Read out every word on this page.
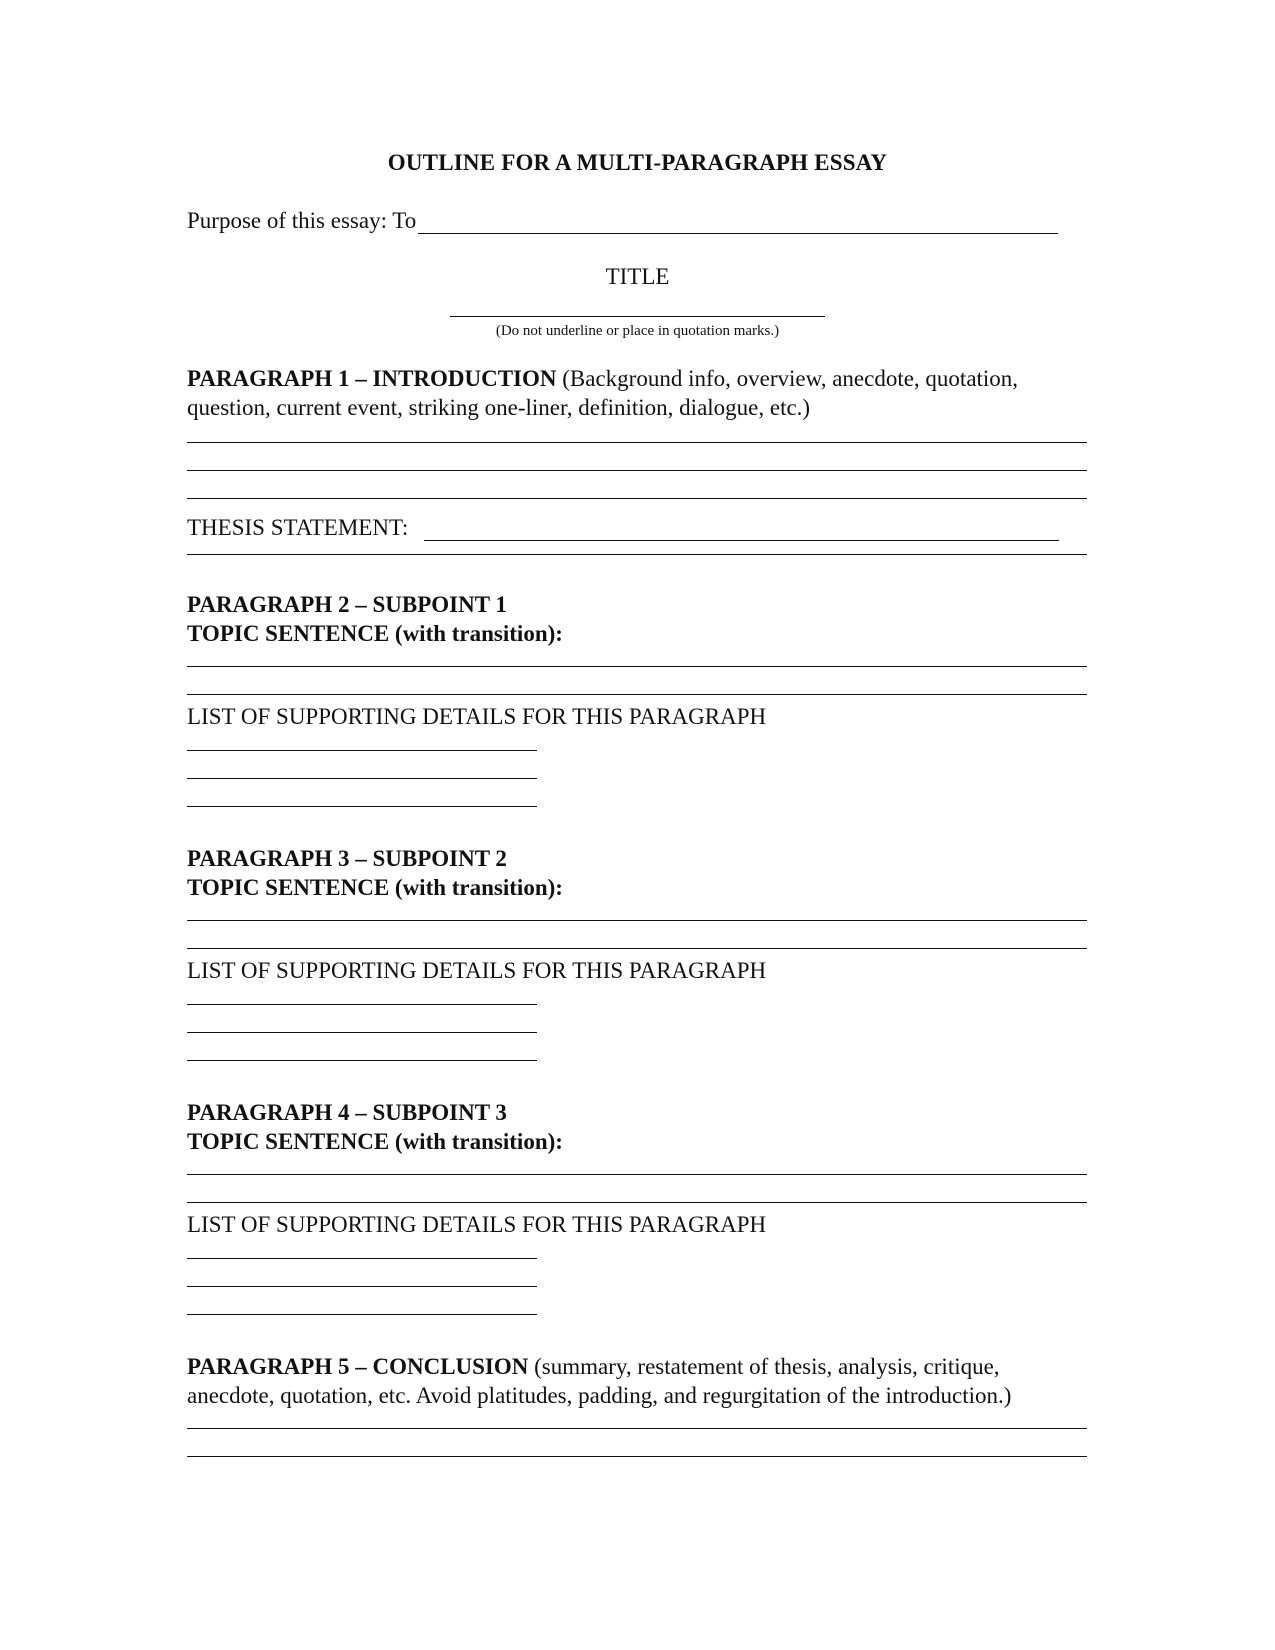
OUTLINE FOR A MULTI-PARAGRAPH ESSAY
Purpose of this essay: To
TITLE
(Do not underline or place in quotation marks.)
PARAGRAPH 1 – INTRODUCTION (Background info, overview, anecdote, quotation, question, current event, striking one-liner, definition, dialogue, etc.)
THESIS STATEMENT:
PARAGRAPH 2 – SUBPOINT 1
TOPIC SENTENCE (with transition):
LIST OF SUPPORTING DETAILS FOR THIS PARAGRAPH
PARAGRAPH 3 – SUBPOINT 2
TOPIC SENTENCE (with transition):
LIST OF SUPPORTING DETAILS FOR THIS PARAGRAPH
PARAGRAPH 4 – SUBPOINT 3
TOPIC SENTENCE (with transition):
LIST OF SUPPORTING DETAILS FOR THIS PARAGRAPH
PARAGRAPH 5 – CONCLUSION (summary, restatement of thesis, analysis, critique, anecdote, quotation, etc. Avoid platitudes, padding, and regurgitation of the introduction.)
